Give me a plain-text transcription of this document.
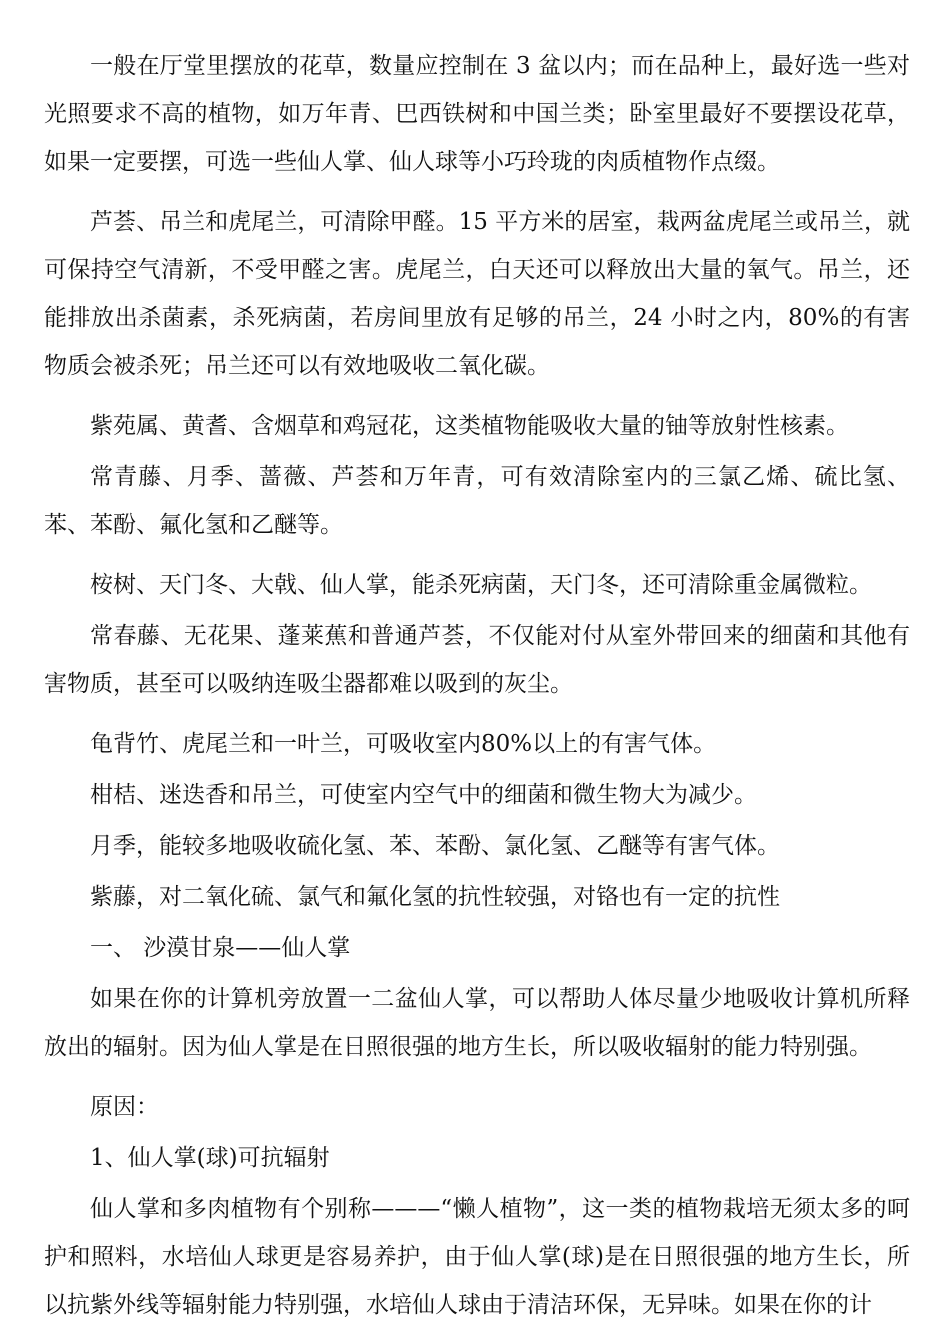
一般在厅堂里摆放的花草，数量应控制在 3 盆以内；而在品种上，最好选一些对光照要求不高的植物，如万年青、巴西铁树和中国兰类；卧室里最好不要摆设花草，如果一定要摆，可选一些仙人掌、仙人球等小巧玲珑的肉质植物作点缀。

芦荟、吊兰和虎尾兰，可清除甲醛。15 平方米的居室，栽两盆虎尾兰或吊兰，就可保持空气清新，不受甲醛之害。虎尾兰，白天还可以释放出大量的氧气。吊兰，还能排放出杀菌素，杀死病菌，若房间里放有足够的吊兰，24 小时之内，80%的有害物质会被杀死；吊兰还可以有效地吸收二氧化碳。

紫苑属、黄耆、含烟草和鸡冠花，这类植物能吸收大量的铀等放射性核素。

常青藤、月季、蔷薇、芦荟和万年青，可有效清除室内的三氯乙烯、硫比氢、苯、苯酚、氟化氢和乙醚等。

桉树、天门冬、大戟、仙人掌，能杀死病菌，天门冬，还可清除重金属微粒。

常春藤、无花果、蓬莱蕉和普通芦荟，不仅能对付从室外带回来的细菌和其他有害物质，甚至可以吸纳连吸尘器都难以吸到的灰尘。

龟背竹、虎尾兰和一叶兰，可吸收室内80%以上的有害气体。

柑桔、迷迭香和吊兰，可使室内空气中的细菌和微生物大为减少。

月季，能较多地吸收硫化氢、苯、苯酚、氯化氢、乙醚等有害气体。

紫藤，对二氧化硫、氯气和氟化氢的抗性较强，对铬也有一定的抗性

一、 沙漠甘泉——仙人掌

如果在你的计算机旁放置一二盆仙人掌，可以帮助人体尽量少地吸收计算机所释放出的辐射。因为仙人掌是在日照很强的地方生长，所以吸收辐射的能力特别强。

原因：

1、仙人掌(球)可抗辐射

仙人掌和多肉植物有个别称———“懒人植物”，这一类的植物栽培无须太多的呵护和照料，水培仙人球更是容易养护，由于仙人掌(球)是在日照很强的地方生长，所以抗紫外线等辐射能力特别强，水培仙人球由于清洁环保，无异味。如果在你的计
